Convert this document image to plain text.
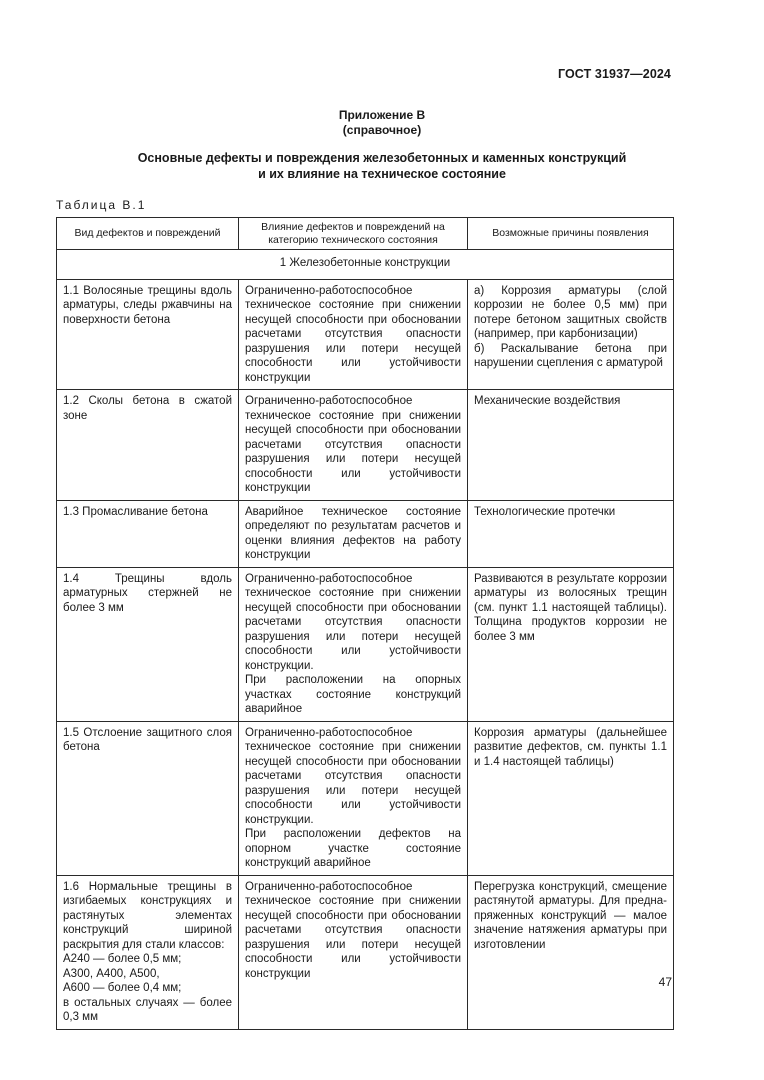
ГОСТ 31937—2024
Приложение В
(справочное)
Основные дефекты и повреждения железобетонных и каменных конструкций
и их влияние на техническое состояние
Таблица В.1
Вид дефектов и повреждений	Влияние дефектов и повреждений на категорию технического состояния	Возможные причины появления
1 Железобетонные конструкции		
1.1 Волосяные трещины вдоль арматуры, следы ржавчины на поверхности бетона	Ограниченно-работоспособное техническое состояние при снижении несущей способности при обосновании расчетами отсутствия опасности разрушения или потери несущей способности или устойчивости конструкции	а) Коррозия арматуры (слой коррозии не более 0,5 мм) при потере бетоном защитных свойств (например, при карбонизации)
б) Раскалывание бетона при нарушении сцепления с арматурой
1.2 Сколы бетона в сжатой зоне	Ограниченно-работоспособное техническое состояние при снижении несущей способности при обосновании расчетами отсутствия опасности разрушения или потери несущей способности или устойчивости конструкции	Механические воздействия
1.3 Промасливание бетона	Аварийное техническое состояние определяют по результатам расчетов и оценки влияния дефектов на работу конструкции	Технологические протечки
1.4 Трещины вдоль арматурных стержней не более 3 мм	Ограниченно-работоспособное техническое состояние при снижении несущей способности при обосновании расчетами отсутствия опасности разрушения или потери несущей способности или устойчивости конструкции.
При расположении на опорных участках состояние конструкций аварийное	Развиваются в результате коррозии арматуры из волосяных трещин (см. пункт 1.1 настоящей таблицы). Толщина продуктов коррозии не более 3 мм
1.5 Отслоение защитного слоя бетона	Ограниченно-работоспособное техническое состояние при снижении несущей способности при обосновании расчетами отсутствия опасности разрушения или потери несущей способности или устойчивости конструкции.
При расположении дефектов на опорном участке состояние конструкций аварийное	Коррозия арматуры (дальнейшее развитие дефектов, см. пункты 1.1 и 1.4 настоящей таблицы)
1.6 Нормальные трещины в изгибаемых конструкциях и растянутых элементах конструкций шириной раскрытия для стали классов:
А240 — более 0,5 мм;
А300, А400, А500,
А600 — более 0,4 мм;
в остальных случаях — более 0,3 мм	Ограниченно-работоспособное техническое состояние при снижении несущей способности при обосновании расчетами отсутствия опасности разрушения или потери несущей способности или устойчивости конструкции	Перегрузка конструкций, смещение растянутой арматуры. Для предна-пряженных конструкций — малое значение натяжения арматуры при изготовлении
47
